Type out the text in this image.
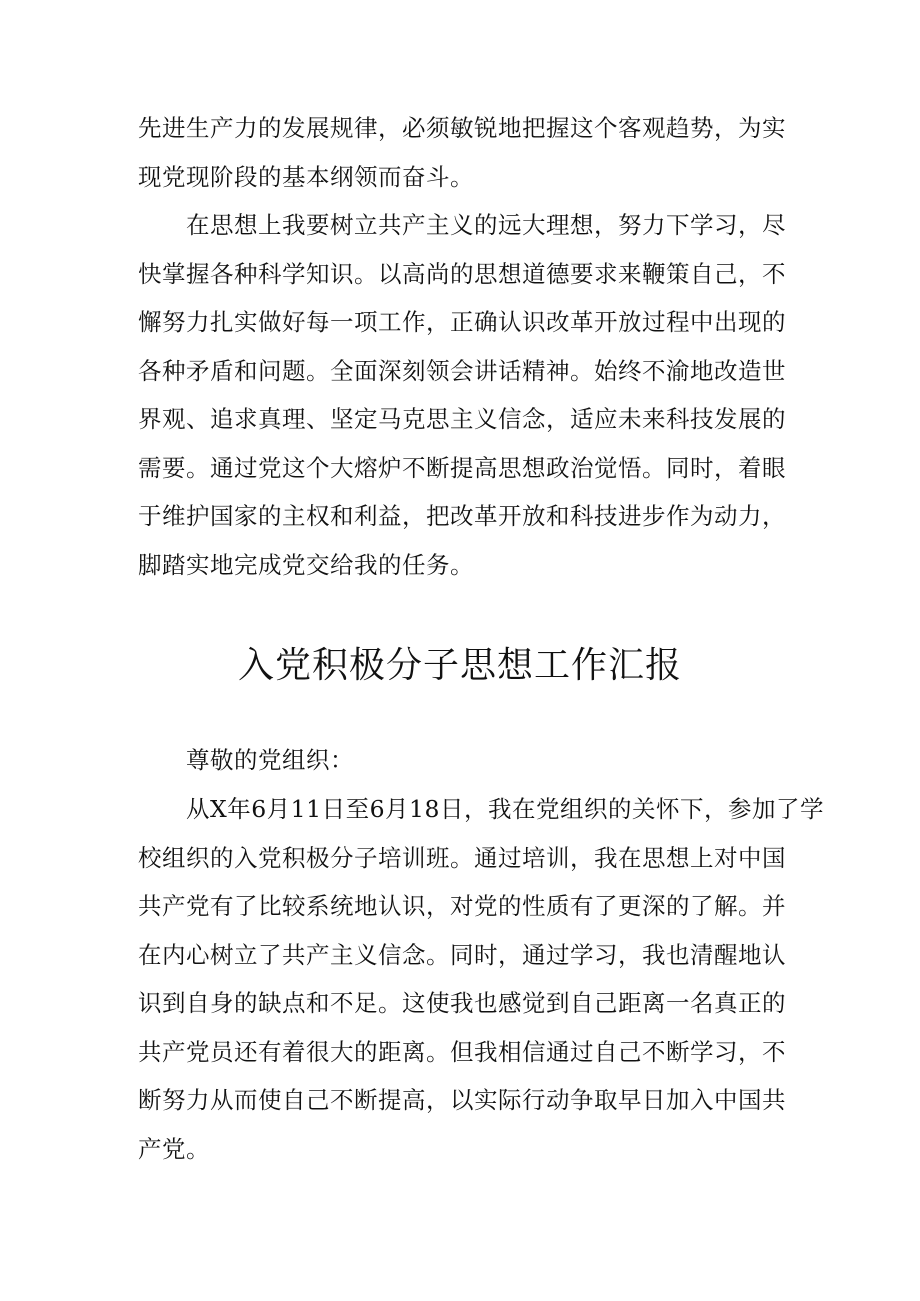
先进生产力的发展规律，必须敏锐地把握这个客观趋势，为实
现党现阶段的基本纲领而奋斗。
　　在思想上我要树立共产主义的远大理想，努力下学习，尽
快掌握各种科学知识。以高尚的思想道德要求来鞭策自己，不
懈努力扎实做好每一项工作，正确认识改革开放过程中出现的
各种矛盾和问题。全面深刻领会讲话精神。始终不渝地改造世
界观、追求真理、坚定马克思主义信念，适应未来科技发展的
需要。通过党这个大熔炉不断提高思想政治觉悟。同时，着眼
于维护国家的主权和利益，把改革开放和科技进步作为动力，
脚踏实地完成党交给我的任务。
入党积极分子思想工作汇报
　　尊敬的党组织：
　　从X年6月11日至6月18日，我在党组织的关怀下，参加了学
校组织的入党积极分子培训班。通过培训，我在思想上对中国
共产党有了比较系统地认识，对党的性质有了更深的了解。并
在内心树立了共产主义信念。同时，通过学习，我也清醒地认
识到自身的缺点和不足。这使我也感觉到自己距离一名真正的
共产党员还有着很大的距离。但我相信通过自己不断学习，不
断努力从而使自己不断提高，以实际行动争取早日加入中国共
产党。
